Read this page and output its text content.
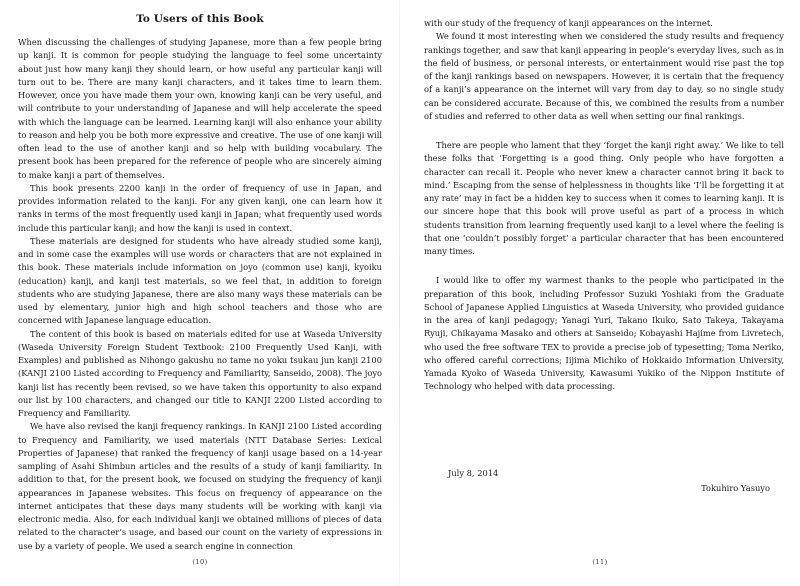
To Users of this Book

When discussing the challenges of studying Japanese, more than a few people bring up kanji. It is common for people studying the language to feel some uncertainty about just how many kanji they should learn, or how useful any particular kanji will turn out to be. There are many kanji characters, and it takes time to learn them. However, once you have made them your own, knowing kanji can be very useful, and will contribute to your understanding of Japanese and will help accelerate the speed with which the language can be learned. Learning kanji will also enhance your ability to reason and help you be both more expressive and creative. The use of one kanji will often lead to the use of another kanji and so help with building vocabulary. The present book has been prepared for the reference of people who are sincerely aiming to make kanji a part of themselves.

This book presents 2200 kanji in the order of frequency of use in Japan, and provides information related to the kanji. For any given kanji, one can learn how it ranks in terms of the most frequently used kanji in Japan; what frequently used words include this particular kanji; and how the kanji is used in context.

These materials are designed for students who have already studied some kanji, and in some case the examples will use words or characters that are not explained in this book. These materials include information on joyo (common use) kanji, kyoiku (education) kanji, and kanji test materials, so we feel that, in addition to foreign students who are studying Japanese, there are also many ways these materials can be used by elementary, junior high and high school teachers and those who are concerned with Japanese language education.

The content of this book is based on materials edited for use at Waseda University (Waseda University Foreign Student Textbook: 2100 Frequently Used Kanji, with Examples) and published as Nihongo gakushu no tame no yoku tsukau jun kanji 2100 (KANJI 2100 Listed according to Frequency and Familiarity, Sanseido, 2008). The joyo kanji list has recently been revised, so we have taken this opportunity to also expand our list by 100 characters, and changed our title to KANJI 2200 Listed according to Frequency and Familiarity.

We have also revised the kanji frequency rankings. In KANJI 2100 Listed according to Frequency and Familiarity, we used materials (NTT Database Series: Lexical Properties of Japanese) that ranked the frequency of kanji usage based on a 14-year sampling of Asahi Shimbun articles and the results of a study of kanji familiarity. In addition to that, for the present book, we focused on studying the frequency of kanji appearances in Japanese websites. This focus on frequency of appearance on the internet anticipates that these days many students will be working with kanji via electronic media. Also, for each individual kanji we obtained millions of pieces of data related to the character’s usage, and based our count on the variety of expressions in use by a variety of people. We used a search engine in connection

(10)

with our study of the frequency of kanji appearances on the internet.

We found it most interesting when we considered the study results and frequency rankings together, and saw that kanji appearing in people’s everyday lives, such as in the field of business, or personal interests, or entertainment would rise past the top of the kanji rankings based on newspapers. However, it is certain that the frequency of a kanji’s appearance on the internet will vary from day to day, so no single study can be considered accurate. Because of this, we combined the results from a number of studies and referred to other data as well when setting our final rankings.

There are people who lament that they ‘forget the kanji right away.’ We like to tell these folks that ‘Forgetting is a good thing. Only people who have forgotten a character can recall it. People who never knew a character cannot bring it back to mind.’ Escaping from the sense of helplessness in thoughts like ‘I’ll be forgetting it at any rate’ may in fact be a hidden key to success when it comes to learning kanji. It is our sincere hope that this book will prove useful as part of a process in which students transition from learning frequently used kanji to a level where the feeling is that one ‘couldn’t possibly forget’ a particular character that has been encountered many times.

I would like to offer my warmest thanks to the people who participated in the preparation of this book, including Professor Suzuki Yoshiaki from the Graduate School of Japanese Applied Linguistics at Waseda University, who provided guidance in the area of kanji pedagogy; Yanagi Yuri, Takano Ikuko, Sato Takeya, Takayama Ryuji, Chikayama Masako and others at Sanseido; Kobayashi Hajime from Livretech, who used the free software TEX to provide a precise job of typesetting; Toma Neriko, who offered careful corrections; Iijima Michiko of Hokkaido Information University, Yamada Kyoko of Waseda University, Kawasumi Yukiko of the Nippon Institute of Technology who helped with data processing.

July 8, 2014
Tokuhiro Yasuyo
(11)
